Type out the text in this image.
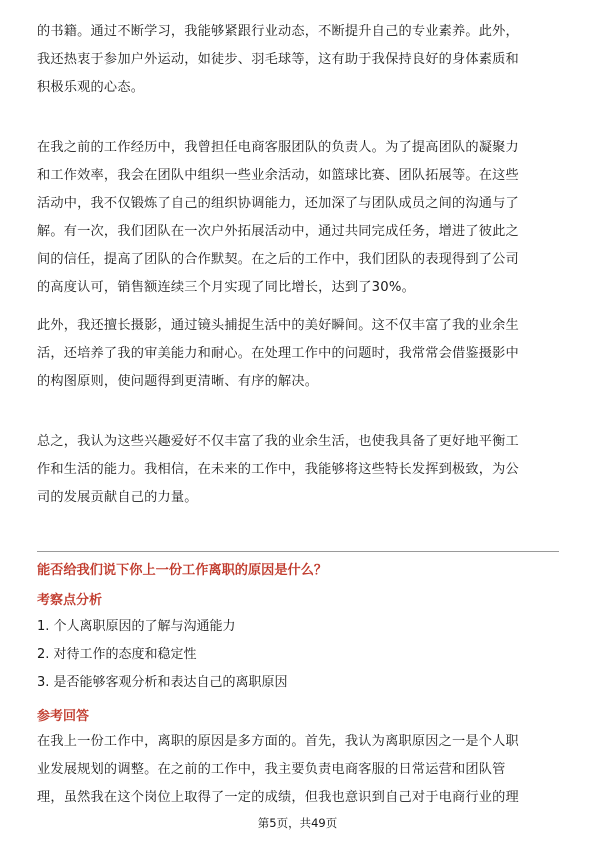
的书籍。通过不断学习，我能够紧跟行业动态，不断提升自己的专业素养。此外，
我还热衷于参加户外运动，如徒步、羽毛球等，这有助于我保持良好的身体素质和
积极乐观的心态。
在我之前的工作经历中，我曾担任电商客服团队的负责人。为了提高团队的凝聚力
和工作效率，我会在团队中组织一些业余活动，如篮球比赛、团队拓展等。在这些
活动中，我不仅锻炼了自己的组织协调能力，还加深了与团队成员之间的沟通与了
解。有一次，我们团队在一次户外拓展活动中，通过共同完成任务，增进了彼此之
间的信任，提高了团队的合作默契。在之后的工作中，我们团队的表现得到了公司
的高度认可，销售额连续三个月实现了同比增长，达到了30%。
此外，我还擅长摄影，通过镜头捕捉生活中的美好瞬间。这不仅丰富了我的业余生
活，还培养了我的审美能力和耐心。在处理工作中的问题时，我常常会借鉴摄影中
的构图原则，使问题得到更清晰、有序的解决。
总之，我认为这些兴趣爱好不仅丰富了我的业余生活，也使我具备了更好地平衡工
作和生活的能力。我相信，在未来的工作中，我能够将这些特长发挥到极致，为公
司的发展贡献自己的力量。
能否给我们说下你上一份工作离职的原因是什么？
考察点分析
1. 个人离职原因的了解与沟通能力
2. 对待工作的态度和稳定性
3. 是否能够客观分析和表达自己的离职原因
参考回答
在我上一份工作中，离职的原因是多方面的。首先，我认为离职原因之一是个人职
业发展规划的调整。在之前的工作中，我主要负责电商客服的日常运营和团队管
理，虽然我在这个岗位上取得了一定的成绩，但我也意识到自己对于电商行业的理
第5页，共49页
